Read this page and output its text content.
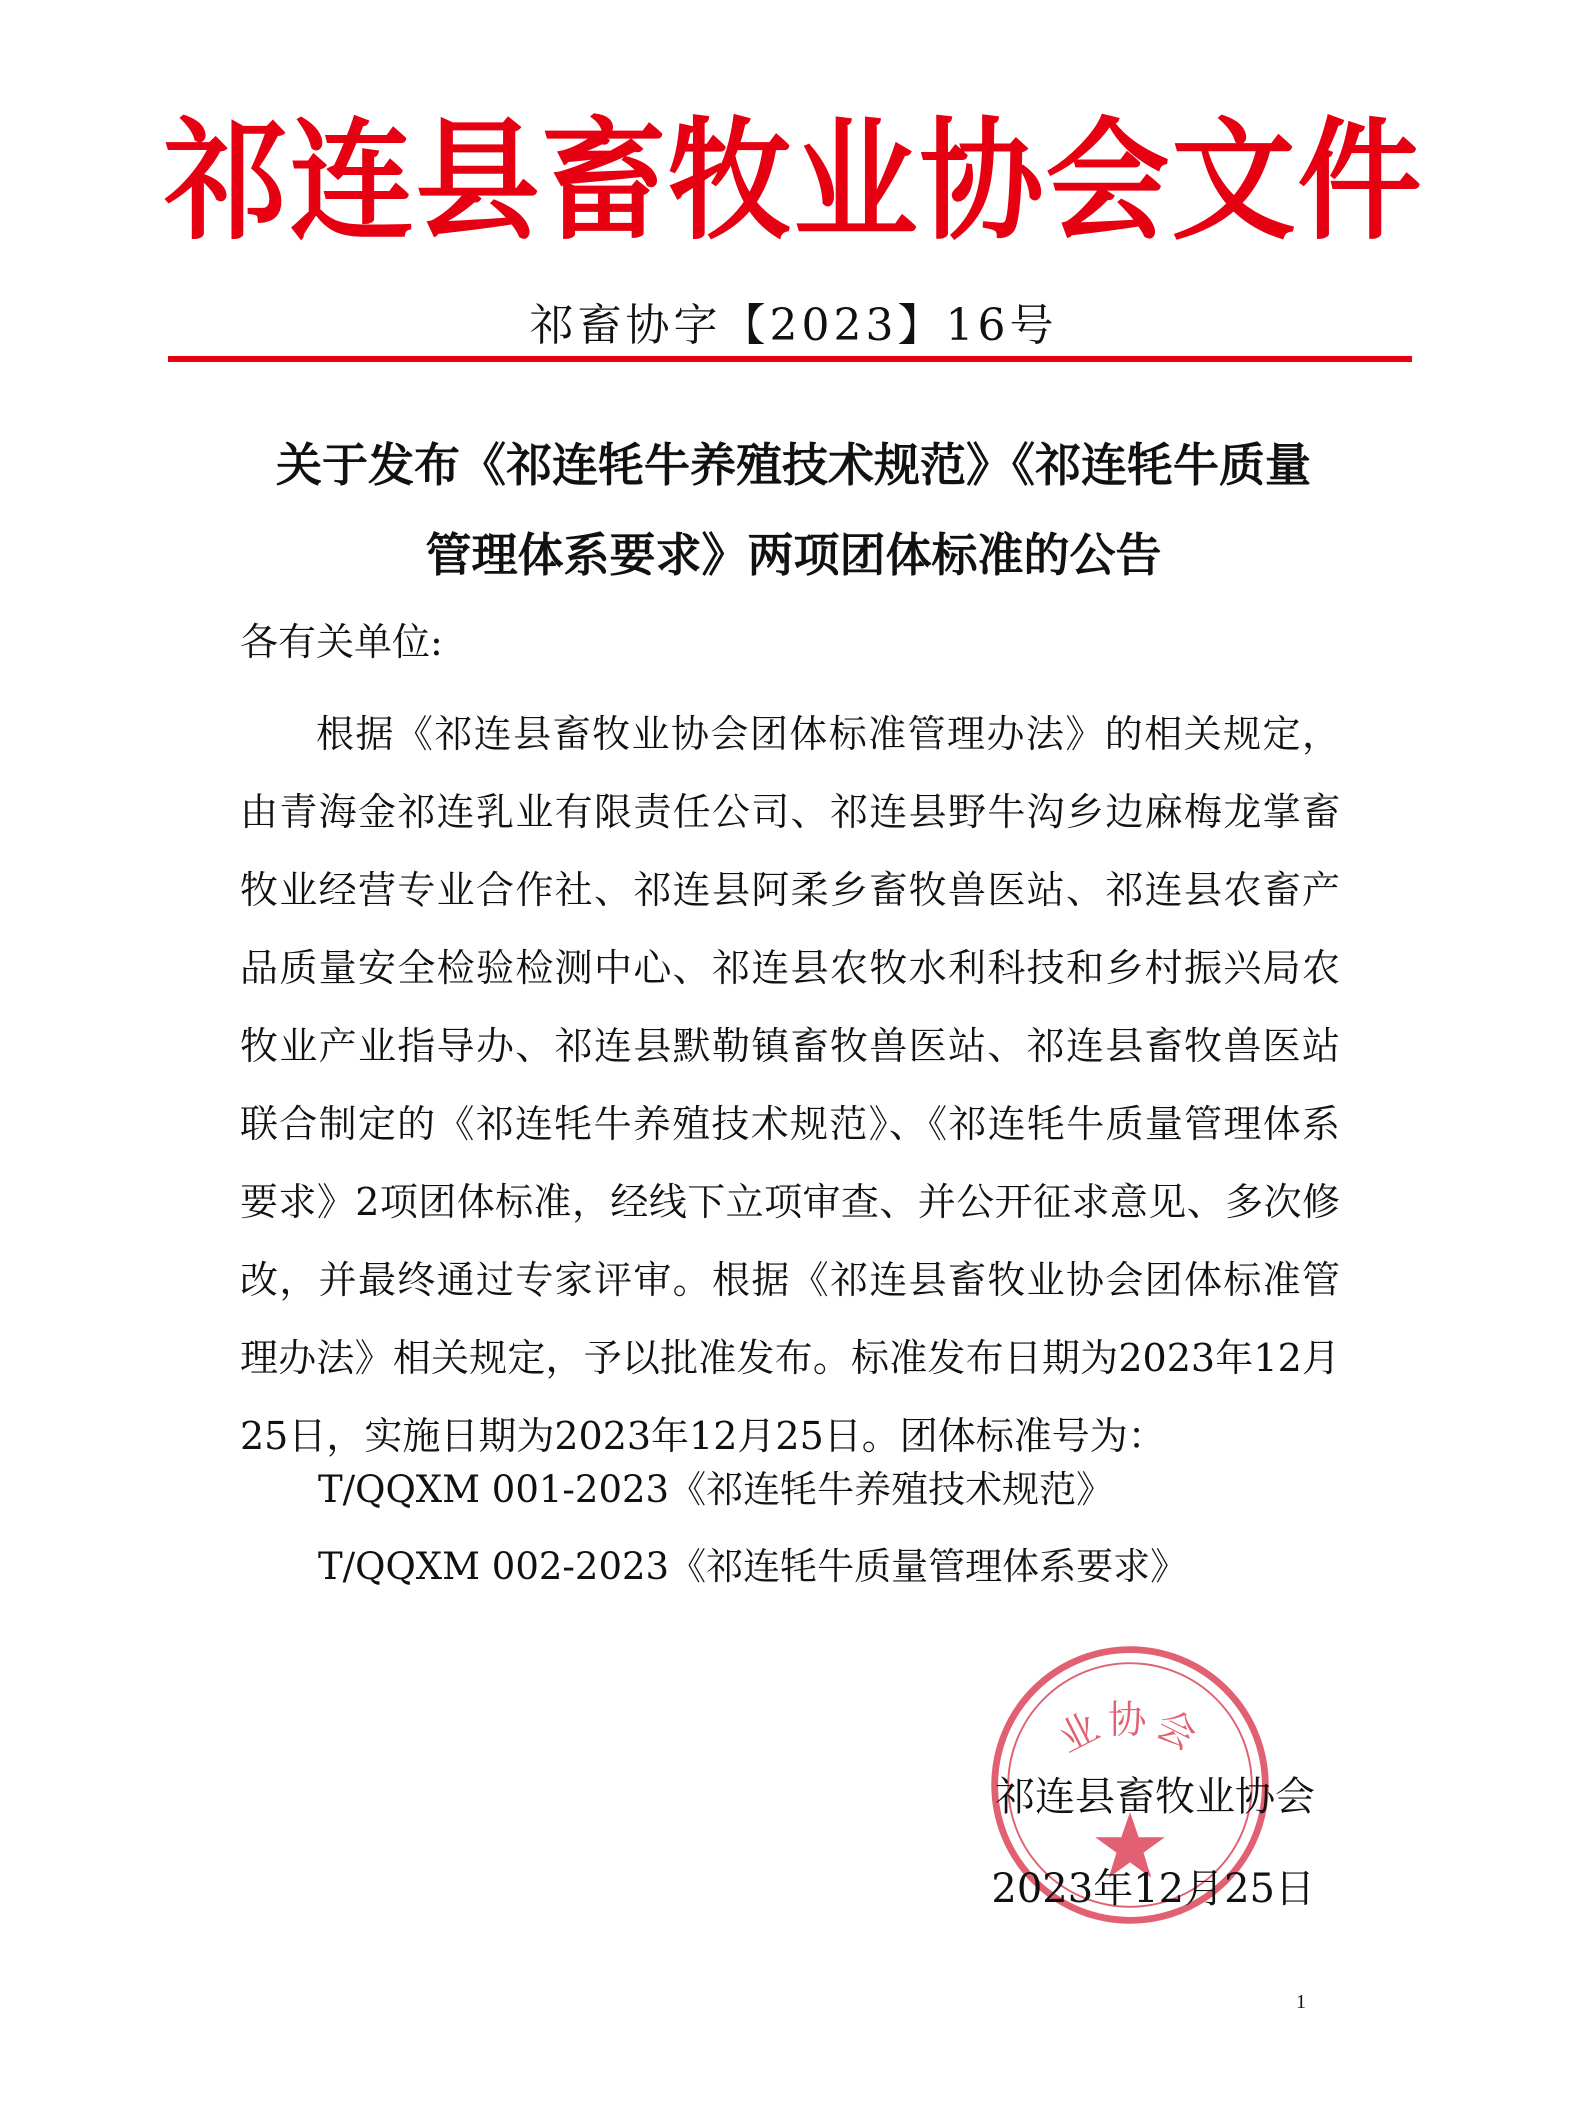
祁连县畜牧业协会文件
祁畜协字【2023】16号
关于发布《祁连牦牛养殖技术规范》《祁连牦牛质量
管理体系要求》两项团体标准的公告
各有关单位:

根据《祁连县畜牧业协会团体标准管理办法》的相关规定，由青海金祁连乳业有限责任公司、祁连县野牛沟乡边麻梅龙掌畜牧业经营专业合作社、祁连县阿柔乡畜牧兽医站、祁连县农畜产品质量安全检验检测中心、祁连县农牧水利科技和乡村振兴局农牧业产业指导办、祁连县默勒镇畜牧兽医站、祁连县畜牧兽医站联合制定的《祁连牦牛养殖技术规范》、《祁连牦牛质量管理体系要求》2项团体标准，经线下立项审查、并公开征求意见、多次修改，并最终通过专家评审。根据《祁连县畜牧业协会团体标准管理办法》相关规定，予以批准发布。标准发布日期为2023年12月25日，实施日期为2023年12月25日。团体标准号为：

T/QQXM 001-2023《祁连牦牛养殖技术规范》
T/QQXM 002-2023《祁连牦牛质量管理体系要求》
业协会
祁连县畜牧业协会
2023年12月25日
1
